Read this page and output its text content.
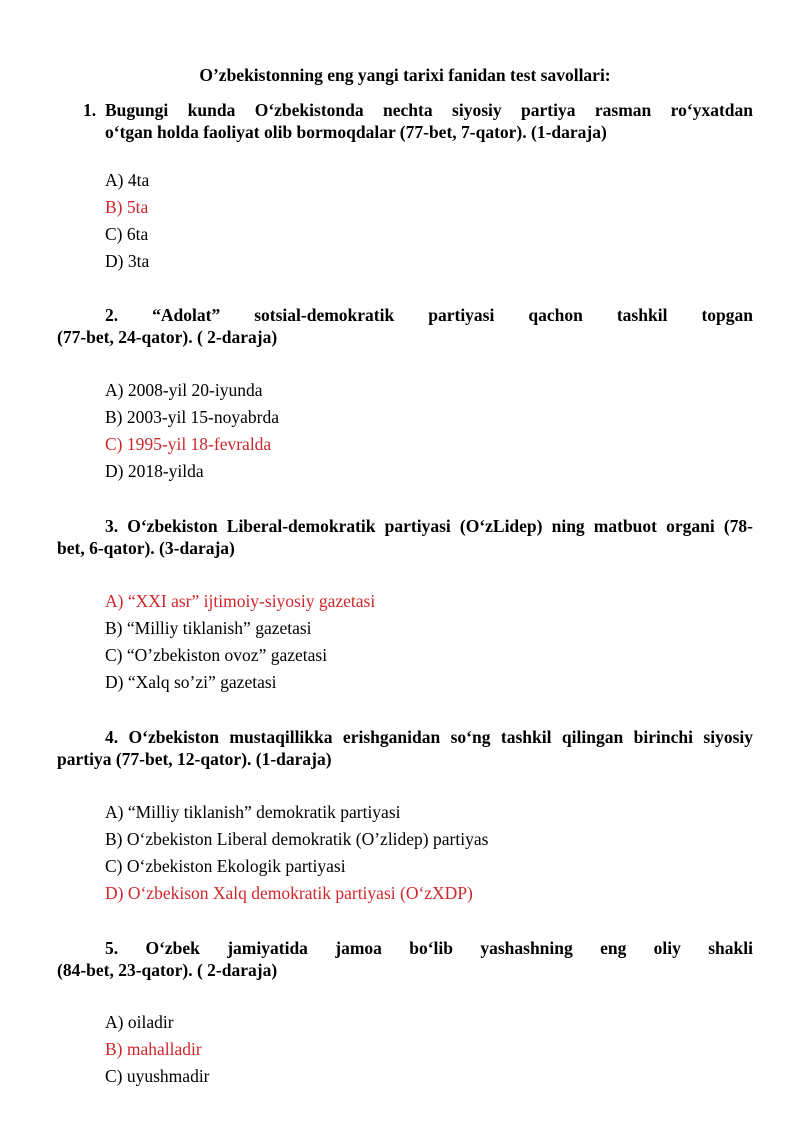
O’zbekistonning eng yangi tarixi fanidan test savollari:
1. Bugungi kunda O‘zbekistonda nechta siyosiy partiya rasman ro‘yxatdan
o‘tgan holda faoliyat olib bormoqdalar (77-bet, 7-qator). (1-daraja)
A) 4ta
B) 5ta
C) 6ta
D) 3ta
2. “Adolat” sotsial-demokratik partiyasi qachon tashkil topgan
(77-bet, 24-qator). ( 2-daraja)
A) 2008-yil 20-iyunda
B) 2003-yil 15-noyabrda
C) 1995-yil 18-fevralda
D) 2018-yilda
3. O‘zbekiston Liberal-demokratik partiyasi (O‘zLidep) ning matbuot organi (78-
bet, 6-qator). (3-daraja)
A) “XXI asr” ijtimoiy-siyosiy gazetasi
B) “Milliy tiklanish” gazetasi
C) “O’zbekiston ovoz” gazetasi
D) “Xalq so’zi” gazetasi
4. O‘zbekiston mustaqillikka erishganidan so‘ng tashkil qilingan birinchi siyosiy
partiya (77-bet, 12-qator). (1-daraja)
A) “Milliy tiklanish” demokratik partiyasi
B) O‘zbekiston Liberal demokratik (O’zlidep) partiyas
C) O‘zbekiston Ekologik partiyasi
D) O‘zbekison Xalq demokratik partiyasi (O‘zXDP)
5. O‘zbek jamiyatida jamoa bo‘lib yashashning eng oliy shakli
(84-bet, 23-qator). ( 2-daraja)
A) oiladir
B) mahalladir
C) uyushmadir
